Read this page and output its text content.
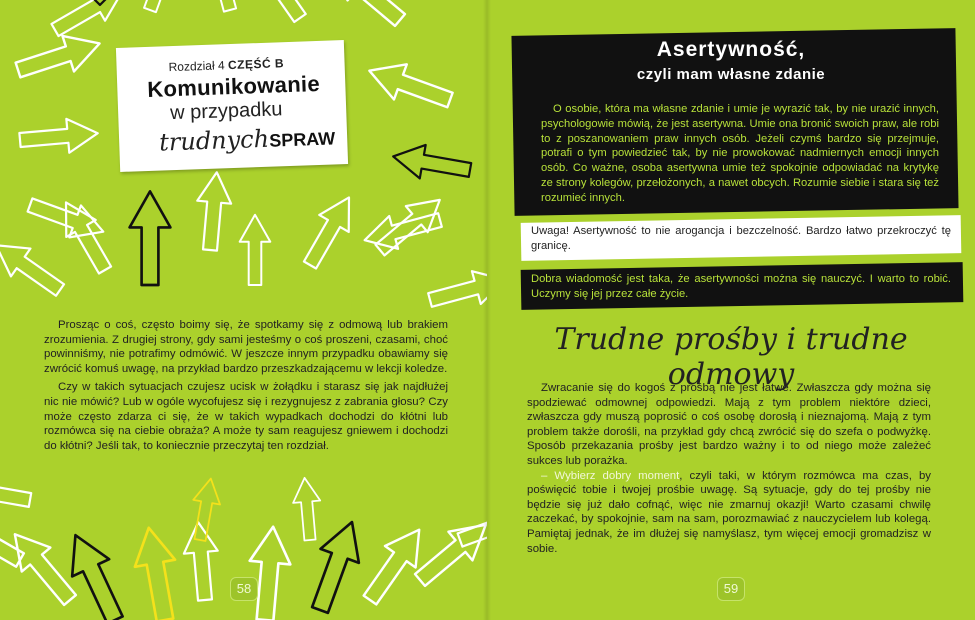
Rozdział 4 CZĘŚĆ B
Komunikowanie
w przypadku
trudnych SPRAW

Prosząc o coś, często boimy się, że spotkamy się z odmową lub brakiem zrozumienia. Z drugiej strony, gdy sami jesteśmy o coś proszeni, czasami, choć powinniśmy, nie potrafimy odmówić. W jeszcze innym przypadku obawiamy się zwrócić komuś uwagę, na przykład bardzo przeszkadzającemu w lekcji koledze.

Czy w takich sytuacjach czujesz ucisk w żołądku i starasz się jak najdłużej nic nie mówić? Lub w ogóle wycofujesz się i rezygnujesz z zabrania głosu? Czy może często zdarza ci się, że w takich wypadkach dochodzi do kłótni lub rozmówca się na ciebie obraża? A może ty sam reagujesz gniewem i dochodzi do kłótni? Jeśli tak, to koniecznie przeczytaj ten rozdział.

58
Asertywność,
czyli mam własne zdanie

O osobie, która ma własne zdanie i umie je wyrazić tak, by nie urazić innych, psychologowie mówią, że jest asertywna. Umie ona bronić swoich praw, ale robi to z poszanowaniem praw innych osób. Jeżeli czymś bardzo się przejmuje, potrafi o tym powiedzieć tak, by nie prowokować nadmiernych emocji innych osób. Co ważne, osoba asertywna umie też spokojnie odpowiadać na krytykę ze strony kolegów, przełożonych, a nawet obcych. Rozumie siebie i stara się też rozumieć innych.

Uwaga! Asertywność to nie arogancja i bezczelność. Bardzo łatwo przekroczyć tę granicę.
Dobra wiadomość jest taka, że asertywności można się nauczyć. I warto to robić. Uczymy się jej przez całe życie.
Trudne prośby i trudne odmowy

Zwracanie się do kogoś z prośbą nie jest łatwe. Zwłaszcza gdy można się spodziewać odmownej odpowiedzi. Mają z tym problem niektóre dzieci, zwłaszcza gdy muszą poprosić o coś osobę dorosłą i nieznajomą. Mają z tym problem także dorośli, na przykład gdy chcą zwrócić się do szefa o podwyżkę. Sposób przekazania prośby jest bardzo ważny i to od niego może zależeć sukces lub porażka.

– Wybierz dobry moment, czyli taki, w którym rozmówca ma czas, by poświęcić tobie i twojej prośbie uwagę. Są sytuacje, gdy do tej prośby nie będzie się już dało cofnąć, więc nie zmarnuj okazji! Warto czasami chwilę zaczekać, by spokojnie, sam na sam, porozmawiać z nauczycielem lub kolegą. Pamiętaj jednak, że im dłużej się namyślasz, tym więcej emocji gromadzisz w sobie.

59
